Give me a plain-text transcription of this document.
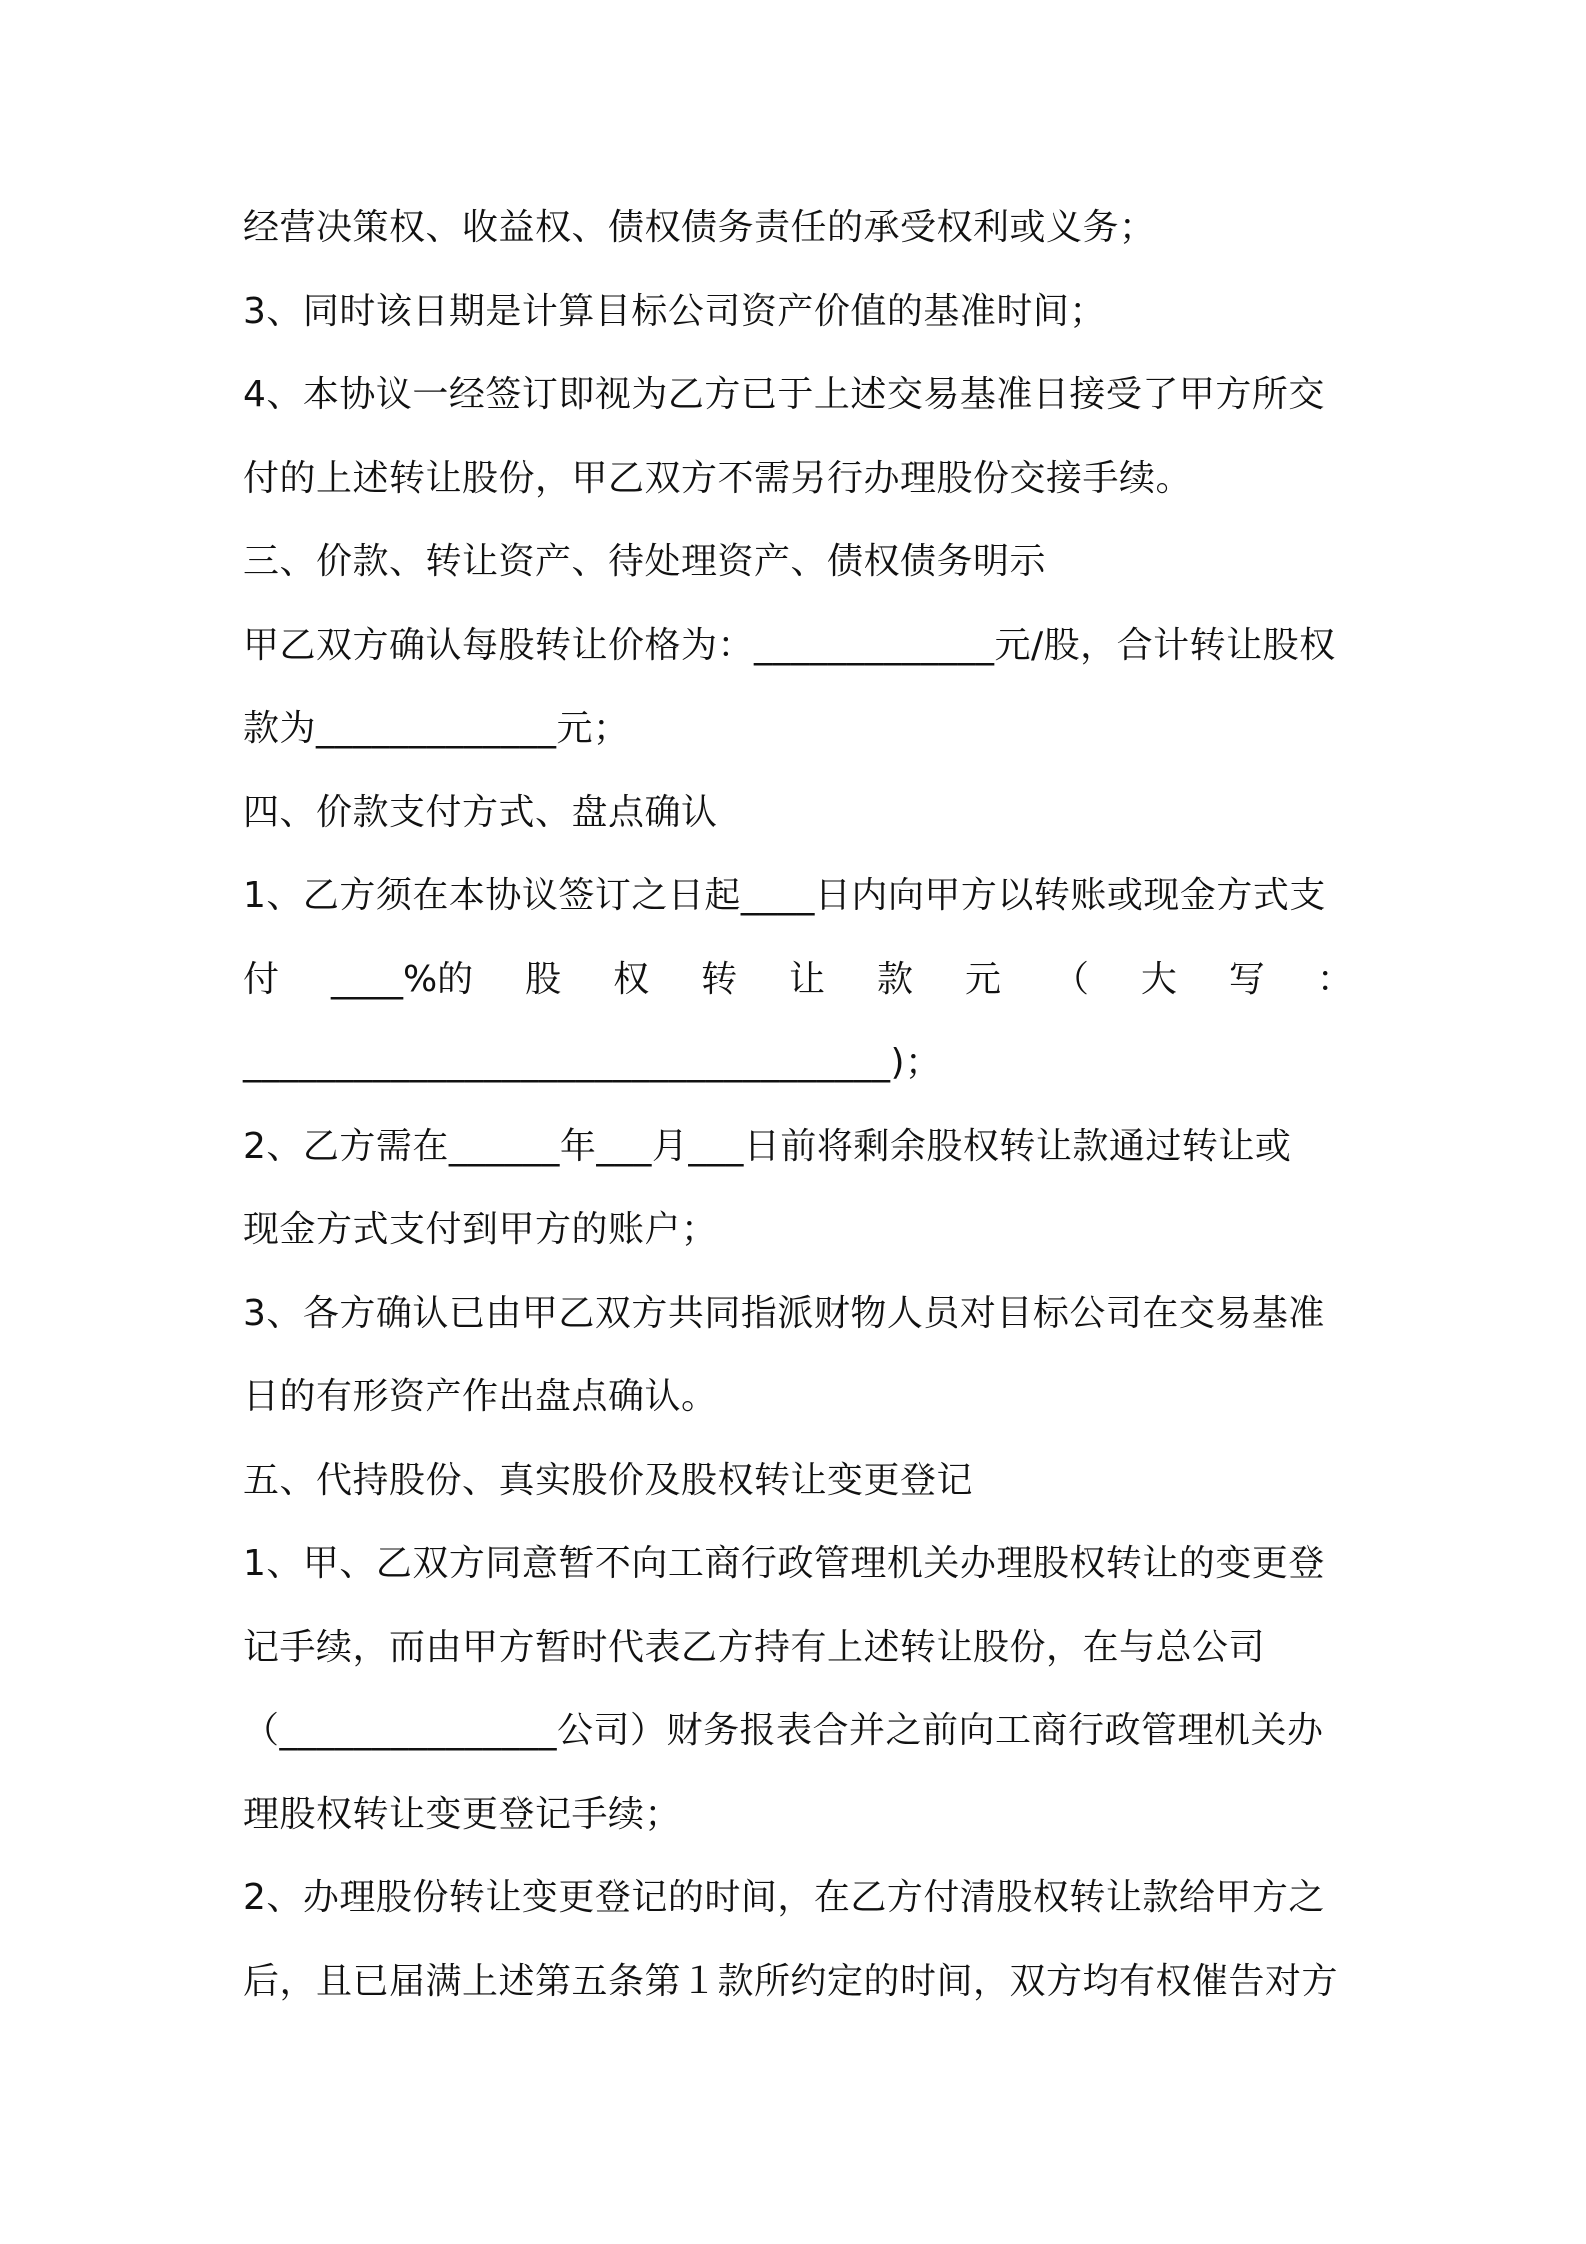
经营决策权、收益权、债权债务责任的承受权利或义务；
3、同时该日期是计算目标公司资产价值的基准时间；
4、本协议一经签订即视为乙方已于上述交易基准日接受了甲方所交
付的上述转让股份，甲乙双方不需另行办理股份交接手续。
三、价款、转让资产、待处理资产、债权债务明示
甲乙双方确认每股转让价格为：_____________元/股，合计转让股权
款为_____________元；
四、价款支付方式、盘点确认
1、乙方须在本协议签订之日起____日内向甲方以转账或现金方式支
付 ____%的 股 权 转 让 款 元 （ 大 写 ：
___________________________________)；
2、乙方需在______年___月___日前将剩余股权转让款通过转让或
现金方式支付到甲方的账户；
3、各方确认已由甲乙双方共同指派财物人员对目标公司在交易基准
日的有形资产作出盘点确认。
五、代持股份、真实股价及股权转让变更登记
1、甲、乙双方同意暂不向工商行政管理机关办理股权转让的变更登
记手续，而由甲方暂时代表乙方持有上述转让股份，在与总公司
（_______________公司）财务报表合并之前向工商行政管理机关办
理股权转让变更登记手续；
2、办理股份转让变更登记的时间，在乙方付清股权转让款给甲方之
后，且已届满上述第五条第１款所约定的时间，双方均有权催告对方
